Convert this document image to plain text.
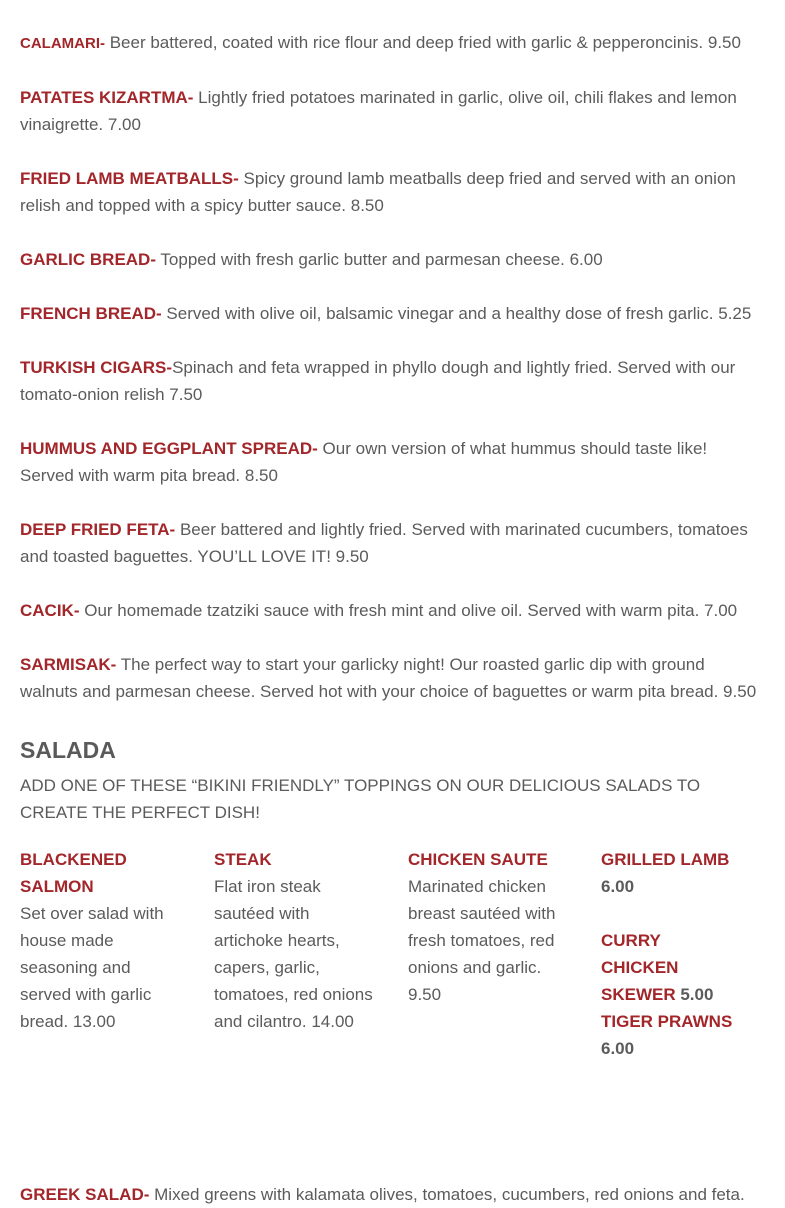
CALAMARI- Beer battered, coated with rice flour and deep fried with garlic & pepperoncinis. 9.50
PATATES KIZARTMA- Lightly fried potatoes marinated in garlic, olive oil, chili flakes and lemon vinaigrette. 7.00
FRIED LAMB MEATBALLS- Spicy ground lamb meatballs deep fried and served with an onion relish and topped with a spicy butter sauce. 8.50
GARLIC BREAD- Topped with fresh garlic butter and parmesan cheese. 6.00
FRENCH BREAD- Served with olive oil, balsamic vinegar and a healthy dose of fresh garlic. 5.25
TURKISH CIGARS-Spinach and feta wrapped in phyllo dough and lightly fried. Served with our tomato-onion relish 7.50
HUMMUS AND EGGPLANT SPREAD- Our own version of what hummus should taste like! Served with warm pita bread. 8.50
DEEP FRIED FETA- Beer battered and lightly fried. Served with marinated cucumbers, tomatoes and toasted baguettes. YOU’LL LOVE IT! 9.50
CACIK- Our homemade tzatziki sauce with fresh mint and olive oil. Served with warm pita. 7.00
SARMISAK- The perfect way to start your garlicky night! Our roasted garlic dip with ground walnuts and parmesan cheese. Served hot with your choice of baguettes or warm pita bread. 9.50
SALADA
ADD ONE OF THESE “BIKINI FRIENDLY” TOPPINGS ON OUR DELICIOUS SALADS TO CREATE THE PERFECT DISH!
BLACKENED SALMON
Set over salad with house made seasoning and served with garlic bread. 13.00
STEAK
Flat iron steak sautéed with artichoke hearts, capers, garlic, tomatoes, red onions and cilantro. 14.00
CHICKEN SAUTE
Marinated chicken breast sautéed with fresh tomatoes, red onions and garlic. 9.50
GRILLED LAMB 6.00
CURRY CHICKEN SKEWER 5.00
TIGER PRAWNS 6.00
GREEK SALAD- Mixed greens with kalamata olives, tomatoes, cucumbers, red onions and feta.
